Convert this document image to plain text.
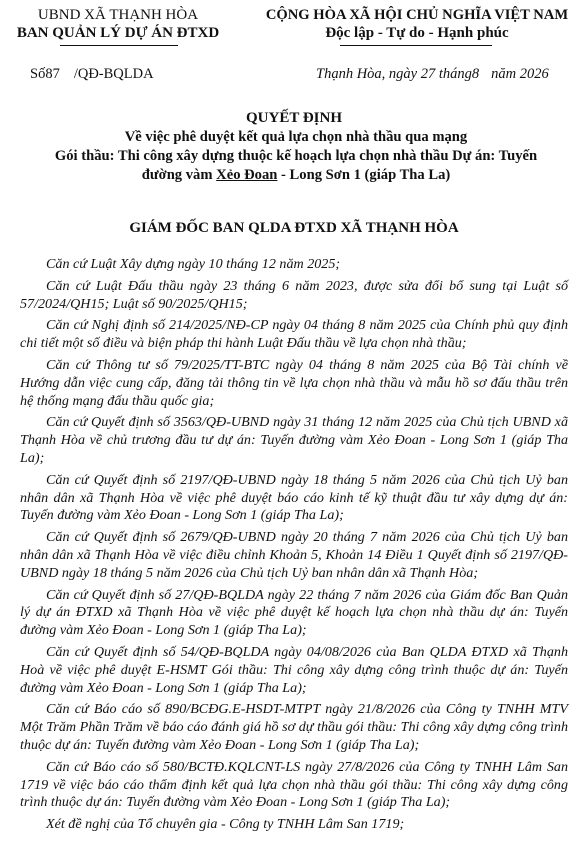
UBND XÃ THẠNH HÒA
BAN QUẢN LÝ DỰ ÁN ĐTXD
CỘNG HÒA XÃ HỘI CHỦ NGHĨA VIỆT NAM
Độc lập - Tự do - Hạnh phúc
Số87 /QĐ-BQLDA	Thạnh Hòa, ngày 27 tháng8 năm 2026
QUYẾT ĐỊNH
Về việc phê duyệt kết quả lựa chọn nhà thầu qua mạng
Gói thầu: Thi công xây dựng thuộc kế hoạch lựa chọn nhà thầu Dự án: Tuyến
đường vàm Xẻo Đoan - Long Sơn 1 (giáp Tha La)
GIÁM ĐỐC BAN QLDA ĐTXD XÃ THẠNH HÒA

Căn cứ Luật Xây dựng ngày 10 tháng 12 năm 2025;

Căn cứ Luật Đấu thầu ngày 23 tháng 6 năm 2023, được sửa đổi bổ sung tại Luật số 57/2024/QH15; Luật số 90/2025/QH15;

Căn cứ Nghị định số 214/2025/NĐ-CP ngày 04 tháng 8 năm 2025 của Chính phủ quy định chi tiết một số điều và biện pháp thi hành Luật Đấu thầu về lựa chọn nhà thầu;

Căn cứ Thông tư số 79/2025/TT-BTC ngày 04 tháng 8 năm 2025 của Bộ Tài chính về Hướng dẫn việc cung cấp, đăng tải thông tin về lựa chọn nhà thầu và mẫu hồ sơ đấu thầu trên hệ thống mạng đấu thầu quốc gia;

Căn cứ Quyết định số 3563/QĐ-UBND ngày 31 tháng 12 năm 2025 của Chủ tịch UBND xã Thạnh Hòa về chủ trương đầu tư dự án: Tuyến đường vàm Xẻo Đoan - Long Sơn 1 (giáp Tha La);

Căn cứ Quyết định số 2197/QĐ-UBND ngày 18 tháng 5 năm 2026 của Chủ tịch Uỷ ban nhân dân xã Thạnh Hòa về việc phê duyệt báo cáo kinh tế kỹ thuật đầu tư xây dựng dự án: Tuyến đường vàm Xẻo Đoan - Long Sơn 1 (giáp Tha La);

Căn cứ Quyết định số 2679/QĐ-UBND ngày 20 tháng 7 năm 2026 của Chủ tịch Uỷ ban nhân dân xã Thạnh Hòa về việc điều chỉnh Khoản 5, Khoản 14 Điều 1 Quyết định số 2197/QĐ-UBND ngày 18 tháng 5 năm 2026 của Chủ tịch Uỷ ban nhân dân xã Thạnh Hòa;

Căn cứ Quyết định số 27/QĐ-BQLDA ngày 22 tháng 7 năm 2026 của Giám đốc Ban Quản lý dự án ĐTXD xã Thạnh Hòa về việc phê duyệt kế hoạch lựa chọn nhà thầu dự án: Tuyến đường vàm Xẻo Đoan - Long Sơn 1 (giáp Tha La);

Căn cứ Quyết định số 54/QĐ-BQLDA ngày 04/08/2026 của Ban QLDA ĐTXD xã Thạnh Hoà về việc phê duyệt E-HSMT Gói thầu: Thi công xây dựng công trình thuộc dự án: Tuyến đường vàm Xẻo Đoan - Long Sơn 1 (giáp Tha La);

Căn cứ Báo cáo số 890/BCĐG.E-HSDT-MTPT ngày 21/8/2026 của Công ty TNHH MTV Một Trăm Phần Trăm về báo cáo đánh giá hồ sơ dự thầu gói thầu: Thi công xây dựng công trình thuộc dự án: Tuyến đường vàm Xẻo Đoan - Long Sơn 1 (giáp Tha La);

Căn cứ Báo cáo số 580/BCTĐ.KQLCNT-LS ngày 27/8/2026 của Công ty TNHH Lâm San 1719 về việc báo cáo thẩm định kết quả lựa chọn nhà thầu gói thầu: Thi công xây dựng công trình thuộc dự án: Tuyến đường vàm Xẻo Đoan - Long Sơn 1 (giáp Tha La);

Xét đề nghị của Tổ chuyên gia - Công ty TNHH Lâm San 1719;
